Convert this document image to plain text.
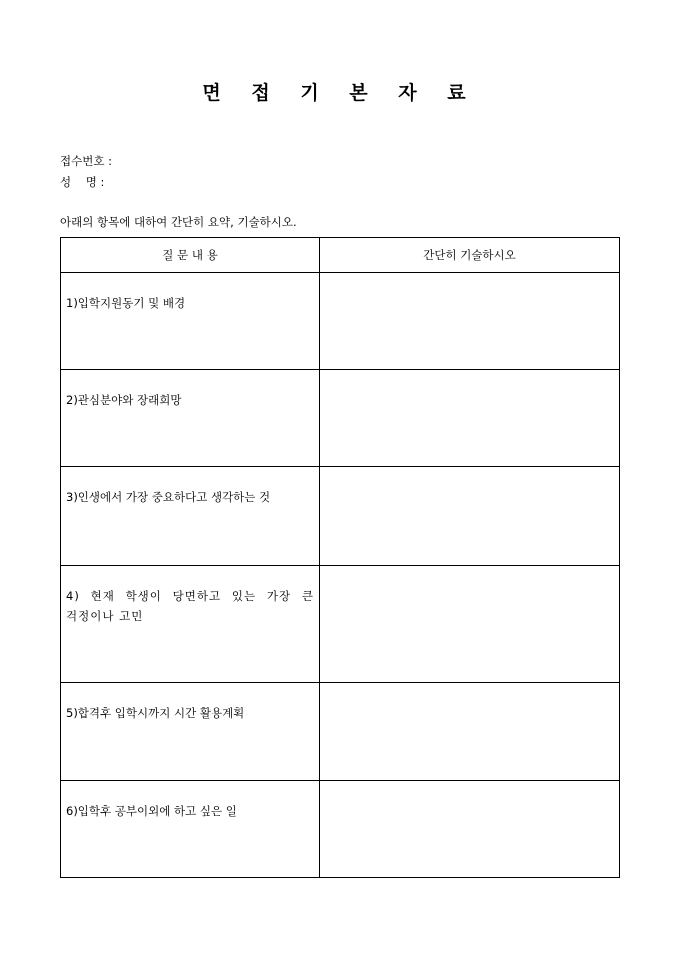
면 접 기 본 자 료
접수번호 :
성    명 :
아래의 항목에 대하여 간단히 요약, 기술하시오.
질 문 내 용	간단히 기술하시오
1)입학지원동기 및 배경	
2)관심분야와 장래희망	
3)인생에서 가장 중요하다고 생각하는 것	
4) 현재 학생이 당면하고 있는 가장 큰 걱정이나 고민	
5)합격후 입학시까지 시간 활용계획	
6)입학후 공부이외에 하고 싶은 일	
